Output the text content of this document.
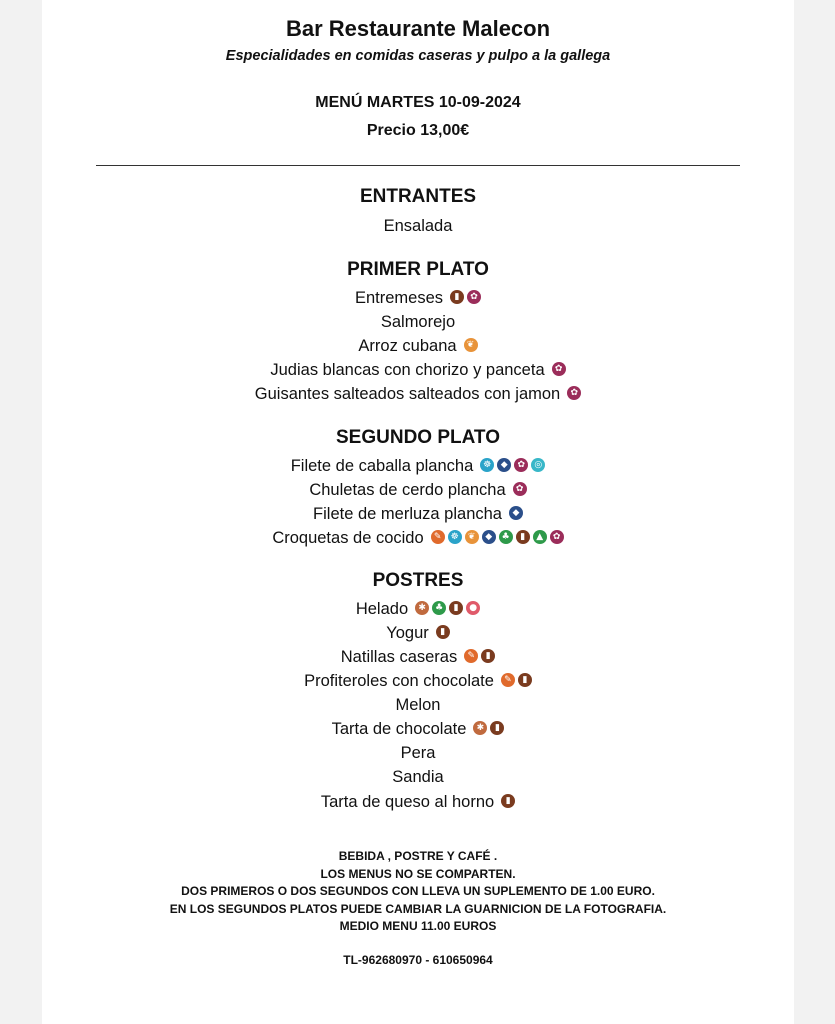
Bar Restaurante Malecon
Especialidades en comidas caseras y pulpo a la gallega
MENÚ MARTES 10-09-2024
Precio 13,00€
ENTRANTES
Ensalada
PRIMER PLATO
Entremeses ▮ ✿
Salmorejo
Arroz cubana ❦
Judias blancas con chorizo y panceta ✿
Guisantes salteados salteados con jamon ✿
SEGUNDO PLATO
Filete de caballa plancha ☸ ◆ ✿ ◎
Chuletas de cerdo plancha ✿
Filete de merluza plancha ◆
Croquetas de cocido ✎ ☸ ❦ ◆ ♣ ▮ ▲ ✿
POSTRES
Helado ✱ ♣ ▮ ●
Yogur ▮
Natillas caseras ✎ ▮
Profiteroles con chocolate ✎ ▮
Melon
Tarta de chocolate ✱ ▮
Pera
Sandia
Tarta de queso al horno ▮
BEBIDA , POSTRE Y CAFÉ .
LOS MENUS NO SE COMPARTEN.
DOS PRIMEROS O DOS SEGUNDOS CON LLEVA UN SUPLEMENTO DE 1.00 EURO.
EN LOS SEGUNDOS PLATOS PUEDE CAMBIAR LA GUARNICION DE LA FOTOGRAFIA.
MEDIO MENU 11.00 EUROS
TL-962680970 - 610650964
